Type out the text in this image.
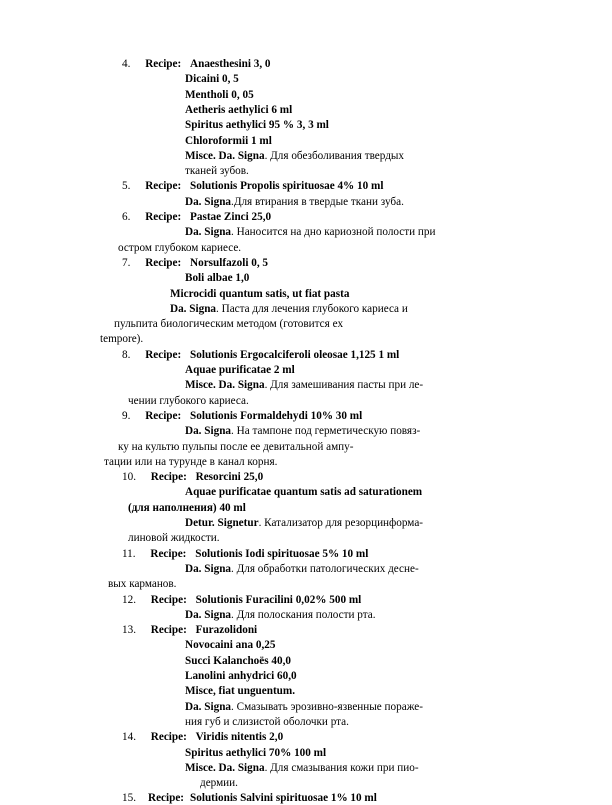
4. Recipe: Anaesthesini 3, 0
Dicaini 0, 5
Mentholi 0, 05
Aetheris aethylici 6 ml
Spiritus aethylici 95 % 3, 3 ml
Chloroformii 1 ml
Misce. Da. Signa. Для обезболивания твердых
тканей зубов.
5. Recipe: Solutionis Propolis spirituosae 4% 10 ml
Da. Signa.Для втирания в твердые ткани зуба.
6. Recipe: Pastae Zinci 25,0
Da. Signa. Наносится на дно кариозной полости при
остром глубоком кариесе.
7. Recipe: Norsulfazoli 0, 5
Boli albae 1,0
Microcidi quantum satis, ut fiat pasta
Da. Signa. Паста для лечения глубокого кариеса и
пульпита биологическим методом (готовится ex
tempore).
8. Recipe: Solutionis Ergocalciferoli oleosae 1,125 1 ml
Aquae purificatae 2 ml
Misce. Da. Signa. Для замешивания пасты при ле-
чении глубокого кариеса.
9. Recipe: Solutionis Formaldehydi 10% 30 ml
Da. Signa. На тампоне под герметическую повяз-
ку на культю пульпы после ее девитальной ампу-
тации или на турунде в канал корня.
10. Recipe: Resorcini 25,0
Aquae purificatae quantum satis ad saturationem
(для наполнения) 40 ml
Detur. Signetur. Катализатор для резорцинформа-
линовой жидкости.
11. Recipe: Solutionis Iodi spirituosae 5% 10 ml
Da. Signa. Для обработки патологических десне-
вых карманов.
12. Recipe: Solutionis Furacilini 0,02% 500 ml
Da. Signa. Для полоскания полости рта.
13. Recipe: Furazolidoni
Novocaini ana 0,25
Succi Kalanchoës 40,0
Lanolini anhydrici 60,0
Misce, fiat unguentum.
Da. Signa. Смазывать эрозивно-язвенные пораже-
ния губ и слизистой оболочки рта.
14. Recipe: Viridis nitentis 2,0
Spiritus aethylici 70% 100 ml
Misce. Da. Signa. Для смазывания кожи при пио-
дермии.
15. Recipe: Solutionis Salvini spirituosae 1% 10 ml
